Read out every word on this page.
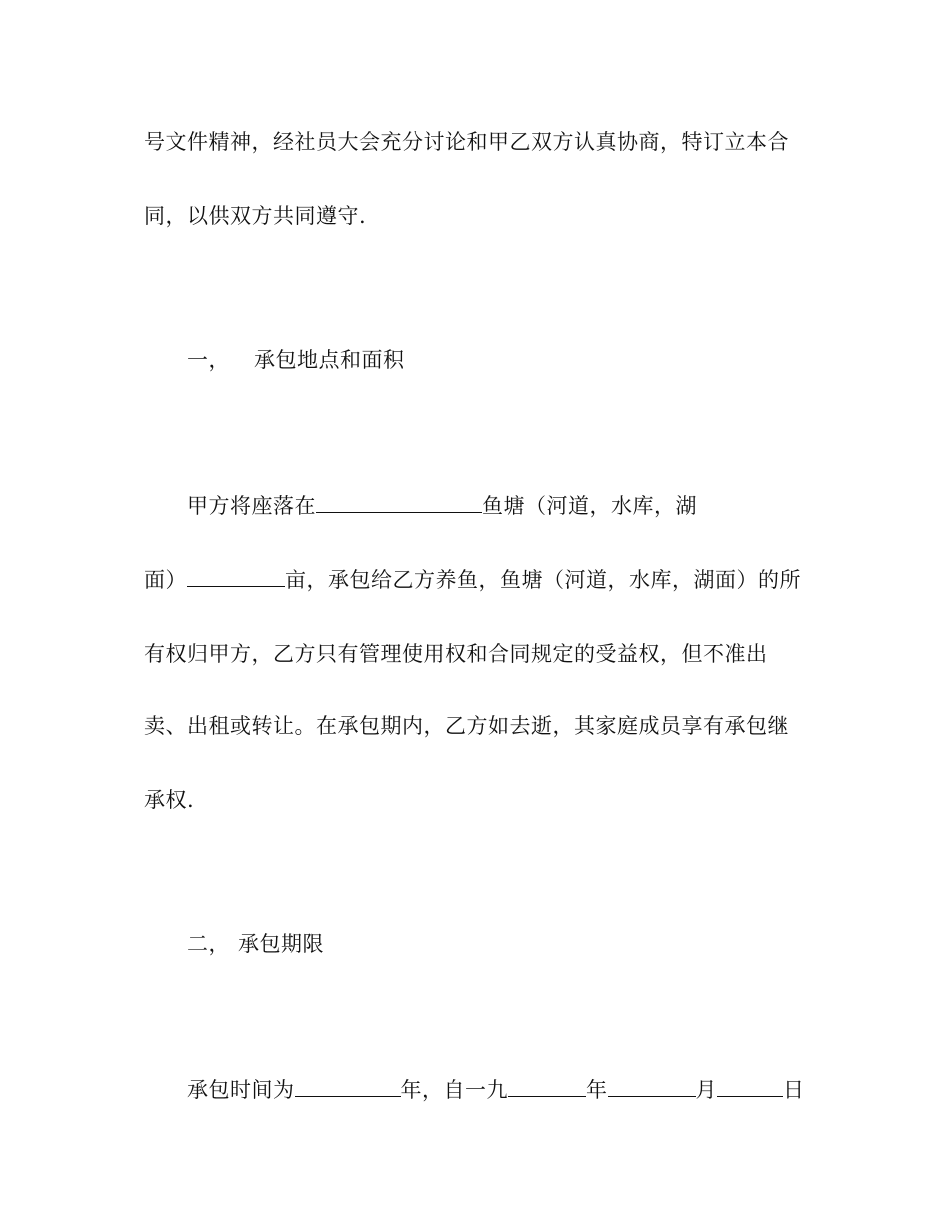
号文件精神，经社员大会充分讨论和甲乙双方认真协商，特订立本合
同，以供双方共同遵守.
一， 承包地点和面积
甲方将座落在	鱼塘（河道，水库，湖
面）	亩，承包给乙方养鱼，鱼塘（河道，水库，湖面）的所
有权归甲方，乙方只有管理使用权和合同规定的受益权，但不准出
卖、出租或转让。在承包期内，乙方如去逝，其家庭成员享有承包继
承权.
二， 承包期限
承包时间为	年，自一九	年	月	日
